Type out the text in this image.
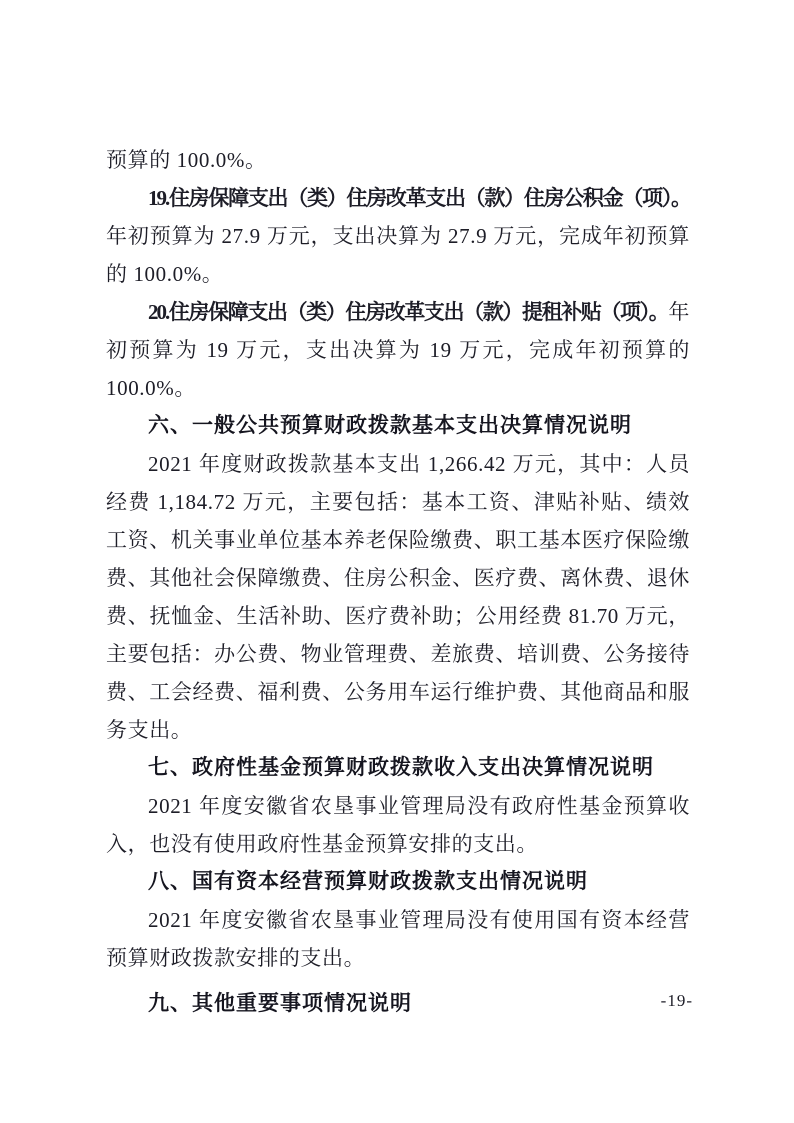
预算的 100.0%。

19.住房保障支出（类）住房改革支出（款）住房公积金（项）。年初预算为 27.9 万元，支出决算为 27.9 万元，完成年初预算的 100.0%。

20.住房保障支出（类）住房改革支出（款）提租补贴（项）。年初预算为 19 万元，支出决算为 19 万元，完成年初预算的 100.0%。

六、一般公共预算财政拨款基本支出决算情况说明

2021 年度财政拨款基本支出 1,266.42 万元，其中：人员经费 1,184.72 万元，主要包括：基本工资、津贴补贴、绩效工资、机关事业单位基本养老保险缴费、职工基本医疗保险缴费、其他社会保障缴费、住房公积金、医疗费、离休费、退休费、抚恤金、生活补助、医疗费补助；公用经费 81.70 万元，主要包括：办公费、物业管理费、差旅费、培训费、公务接待费、工会经费、福利费、公务用车运行维护费、其他商品和服务支出。

七、政府性基金预算财政拨款收入支出决算情况说明

2021 年度安徽省农垦事业管理局没有政府性基金预算收入，也没有使用政府性基金预算安排的支出。

八、国有资本经营预算财政拨款支出情况说明

2021 年度安徽省农垦事业管理局没有使用国有资本经营预算财政拨款安排的支出。

九、其他重要事项情况说明	-19-
